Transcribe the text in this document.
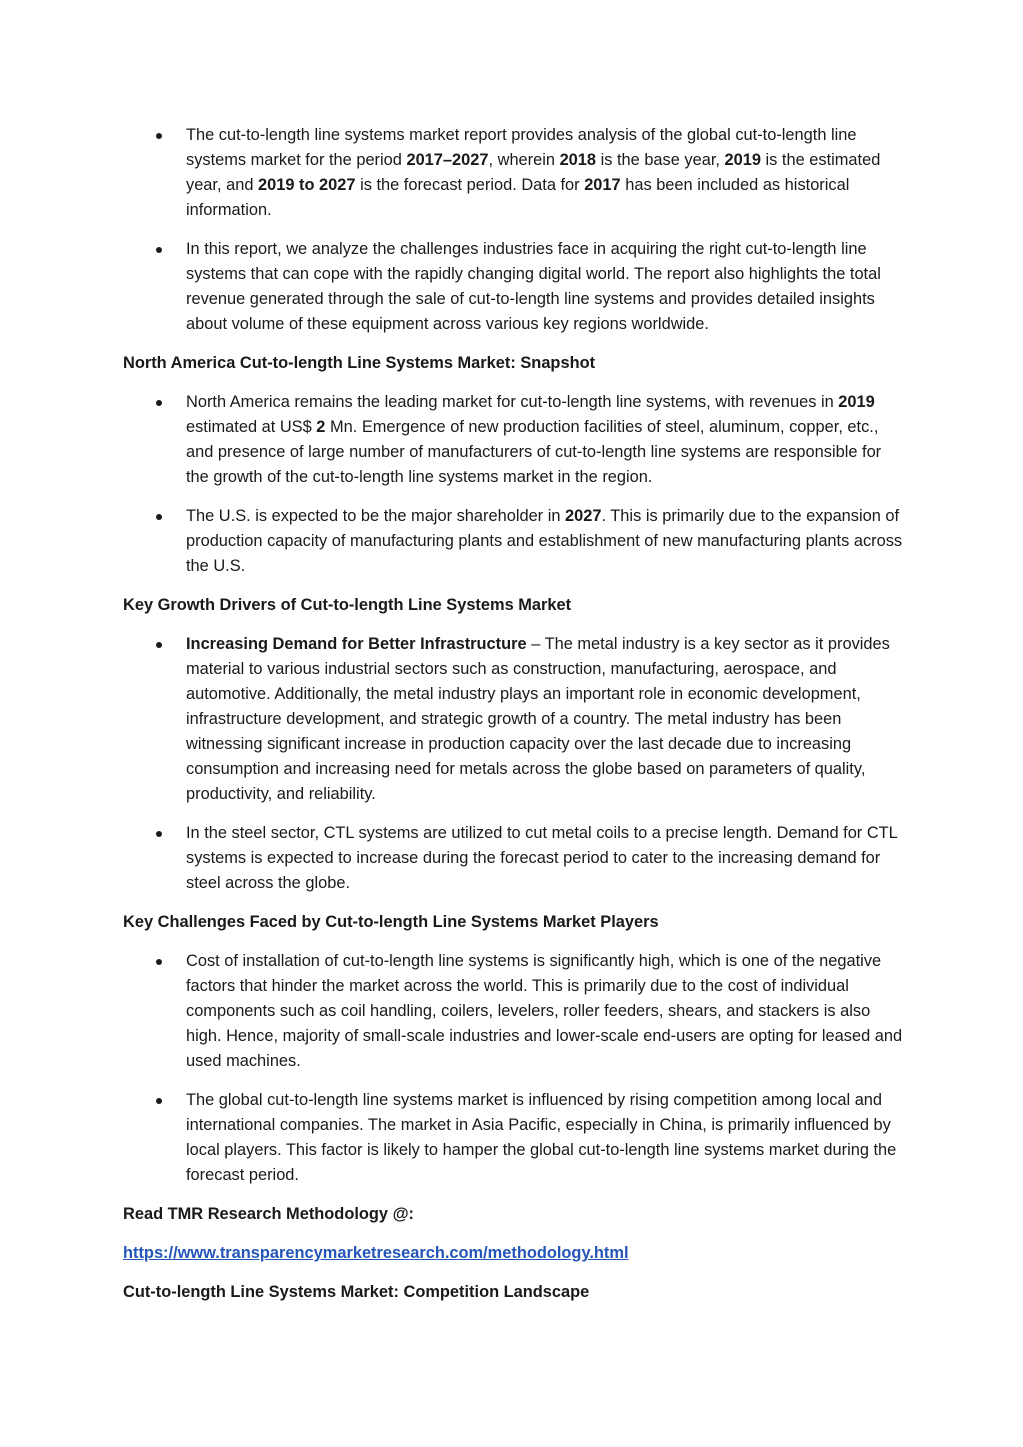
The cut-to-length line systems market report provides analysis of the global cut-to-length line systems market for the period 2017–2027, wherein 2018 is the base year, 2019 is the estimated year, and 2019 to 2027 is the forecast period. Data for 2017 has been included as historical information.
In this report, we analyze the challenges industries face in acquiring the right cut-to-length line systems that can cope with the rapidly changing digital world. The report also highlights the total revenue generated through the sale of cut-to-length line systems and provides detailed insights about volume of these equipment across various key regions worldwide.
North America Cut-to-length Line Systems Market: Snapshot
North America remains the leading market for cut-to-length line systems, with revenues in 2019 estimated at US$ 2 Mn. Emergence of new production facilities of steel, aluminum, copper, etc., and presence of large number of manufacturers of cut-to-length line systems are responsible for the growth of the cut-to-length line systems market in the region.
The U.S. is expected to be the major shareholder in 2027. This is primarily due to the expansion of production capacity of manufacturing plants and establishment of new manufacturing plants across the U.S.
Key Growth Drivers of Cut-to-length Line Systems Market
Increasing Demand for Better Infrastructure – The metal industry is a key sector as it provides material to various industrial sectors such as construction, manufacturing, aerospace, and automotive. Additionally, the metal industry plays an important role in economic development, infrastructure development, and strategic growth of a country. The metal industry has been witnessing significant increase in production capacity over the last decade due to increasing consumption and increasing need for metals across the globe based on parameters of quality, productivity, and reliability.
In the steel sector, CTL systems are utilized to cut metal coils to a precise length. Demand for CTL systems is expected to increase during the forecast period to cater to the increasing demand for steel across the globe.
Key Challenges Faced by Cut-to-length Line Systems Market Players
Cost of installation of cut-to-length line systems is significantly high, which is one of the negative factors that hinder the market across the world. This is primarily due to the cost of individual components such as coil handling, coilers, levelers, roller feeders, shears, and stackers is also high. Hence, majority of small-scale industries and lower-scale end-users are opting for leased and used machines.
The global cut-to-length line systems market is influenced by rising competition among local and international companies. The market in Asia Pacific, especially in China, is primarily influenced by local players. This factor is likely to hamper the global cut-to-length line systems market during the forecast period.
Read TMR Research Methodology @:
https://www.transparencymarketresearch.com/methodology.html
Cut-to-length Line Systems Market: Competition Landscape
